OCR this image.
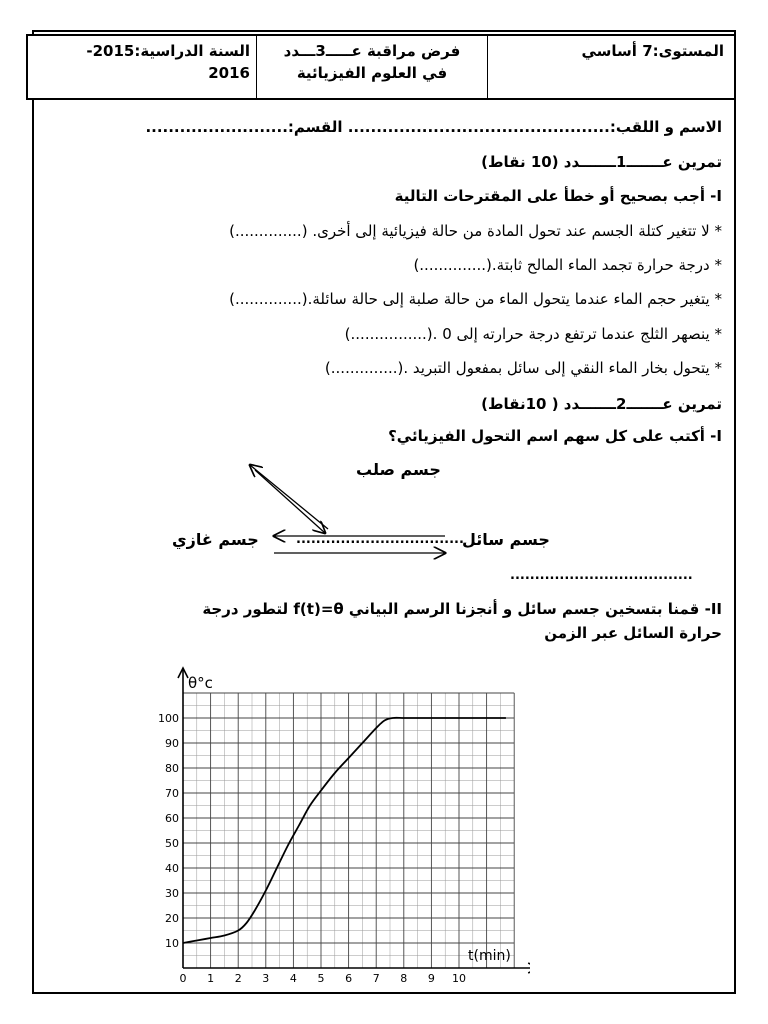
المستوى:7 أساسي
فرض مراقبة عـــــ3ـــدد
في العلوم الفيزيائية
السنة الدراسية:2015-
2016
الاسم و اللقب:.............................................. القسم:.........................
تمرين عـــــــ1ـــــــدد (10 نقاط)
I- أجب بصحيح أو خطأ على المقترحات التالية
* لا تتغير كتلة الجسم عند تحول المادة من حالة فيزيائية إلى أخرى. (..............)
* درجة حرارة تجمد الماء المالح ثابتة.(..............)
* يتغير حجم الماء عندما يتحول الماء من حالة صلبة إلى حالة سائلة.(..............)
* ينصهر الثلج عندما ترتفع درجة حرارته إلى 0 .(................)
* يتحول بخار الماء النقي إلى سائل بمفعول التبريد .(..............)
تمرين عـــــــ2ـــــــدد ( 10نقاط)
I- أكتب على كل سهم اسم التحول الفيزيائي؟
جسم صلب
جسم سائل
جسم غازي	..................................
.....................................
II- قمنا بتسخين جسم سائل و أنجزنا الرسم البياني f(t)=θ لتطور درجة
حرارة السائل عبر الزمن
0 1 2 3 4 5 6 7 8 9 10
10
20
30
40
50
60
70
80
90
100
θ°c
t(min)
